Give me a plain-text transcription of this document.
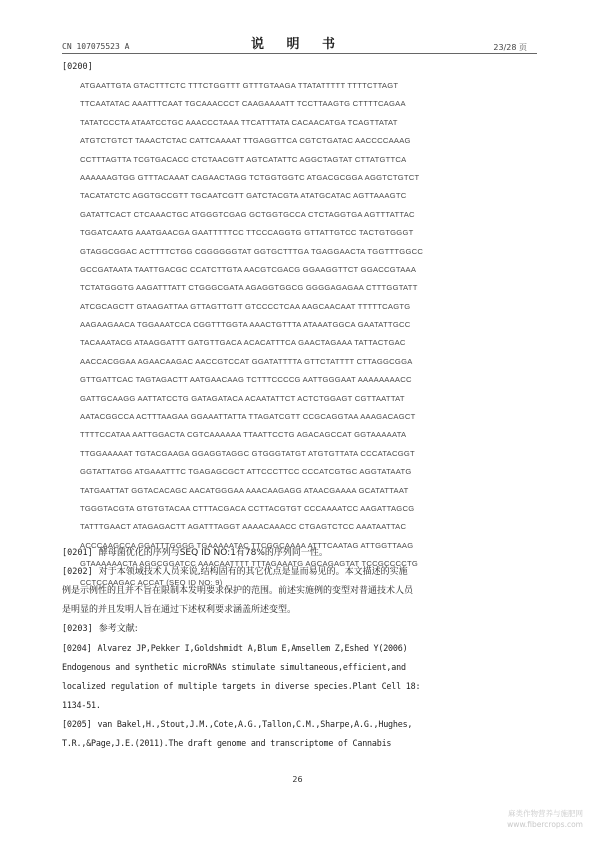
CN 107075523 A	说 明 书	23/28 页
[0200]
ATGAATTGTA GTACTTTCTC TTTCTGGTTT GTTTGTAAGA TTATATTTTT TTTTCTTAGT
TTCAATATAC AAATTTCAAT TGCAAACCCT CAAGAAAATT TCCTTAAGTG CTTTTCAGAA
TATATCCCTA ATAATCCTGC AAACCCTAAA TTCATTTATA CACAACATGA TCAGTTATAT
ATGTCTGTCT TAAACTCTAC CATTCAAAAT TTGAGGTTCA CGTCTGATAC AACCCCAAAG
CCTTTAGTTA TCGTGACACC CTCTAACGTT AGTCATATTC AGGCTAGTAT CTTATGTTCA
AAAAAAGTGG GTTTACAAAT CAGAACTAGG TCTGGTGGTC ATGACGCGGA AGGTCTGTCT
TACATATCTC AGGTGCCGTT TGCAATCGTT GATCTACGTA ATATGCATAC AGTTAAAGTC
GATATTCACT CTCAAACTGC ATGGGTCGAG GCTGGTGCCA CTCTAGGTGA AGTTTATTAC
TGGATCAATG AAATGAACGA GAATTTTTCC TTCCCAGGTG GTTATTGTCC TACTGTGGGT
GTAGGCGGAC ACTTTTCTGG CGGGGGGTAT GGTGCTTTGA TGAGGAACTA TGGTTTGGCC
GCCGATAATA TAATTGACGC CCATCTTGTA AACGTCGACG GGAAGGTTCT GGACCGTAAA
TCTATGGGTG AAGATTTATT CTGGGCGATA AGAGGTGGCG GGGGAGAGAA CTTTGGTATT
ATCGCAGCTT GTAAGATTAA GTTAGTTGTT GTCCCCTCAA AAGCAACAAT TTTTTCAGTG
AAGAAGAACA TGGAAATCCA CGGTTTGGTA AAACTGTTTA ATAAATGGCA GAATATTGCC
TACAAATACG ATAAGGATTT GATGTTGACA ACACATTTCA GAACTAGAAA TATTACTGAC
AACCACGGAA AGAACAAGAC AACCGTCCAT GGATATTTTA GTTCTATTTT CTTAGGCGGA
GTTGATTCAC TAGTAGACTT AATGAACAAG TCTTTCCCCG AATTGGGAAT AAAAAAAACC
GATTGCAAGG AATTATCCTG GATAGATACA ACAATATTCT ACTCTGGAGT CGTTAATTAT
AATACGGCCA ACTTTAAGAA GGAAATTATTA TTAGATCGTT CCGCAGGTAA AAAGACAGCT
TTTTCCATAA AATTGGACTA CGTCAAAAAA TTAATTCCTG AGACAGCCAT GGTAAAAATA
TTGGAAAAAT TGTACGAAGA GGAGGTAGGC GTGGGTATGT ATGTGTTATA CCCATACGGT
GGTATTATGG ATGAAATTTC TGAGAGCGCT ATTCCCTTCC CCCATCGTGC AGGTATAATG
TATGAATTAT GGTACACAGC AACATGGGAA AAACAAGAGG ATAACGAAAA GCATATTAAT
TGGGTACGTA GTGTGTACAA CTTTACGACA CCTTACGTGT CCCAAAATCC AAGATTAGCG
TATTTGAACT ATAGAGACTT AGATTTAGGT AAAACAAACC CTGAGTCTCC AAATAATTAC
ACCCAAGCCA GGATTTGGGG TGAAAAATAC TTCGGCAAAA ATTTCAATAG ATTGGTTAAG
GTAAAAAACTA AGGCGGATCC AAACAATTTT TTTAGAAATG AGCAGAGTAT TCCGCCCCTG
CCTCCAAGAC ACCAT (SEQ ID NO: 9)
[0201] 酵母菌优化的序列与SEQ ID NO:1有78%的序列同一性。
[0202] 对于本领域技术人员来说,结构固有的其它优点是显而易见的。本文描述的实施
例是示例性的且并不旨在限制本发明要求保护的范围。前述实施例的变型对普通技术人员
是明显的并且发明人旨在通过下述权利要求涵盖所述变型。
[0203] 参考文献:
[0204] Alvarez JP,Pekker I,Goldshmidt A,Blum E,Amsellem Z,Eshed Y(2006)
Endogenous and synthetic microRNAs stimulate simultaneous,efficient,and
localized regulation of multiple targets in diverse species.Plant Cell 18:
1134-51.
[0205] van Bakel,H.,Stout,J.M.,Cote,A.G.,Tallon,C.M.,Sharpe,A.G.,Hughes,
T.R.,&Page,J.E.(2011).The draft genome and transcriptome of Cannabis
26
麻类作物营养与施肥网
www.fibercrops.com
